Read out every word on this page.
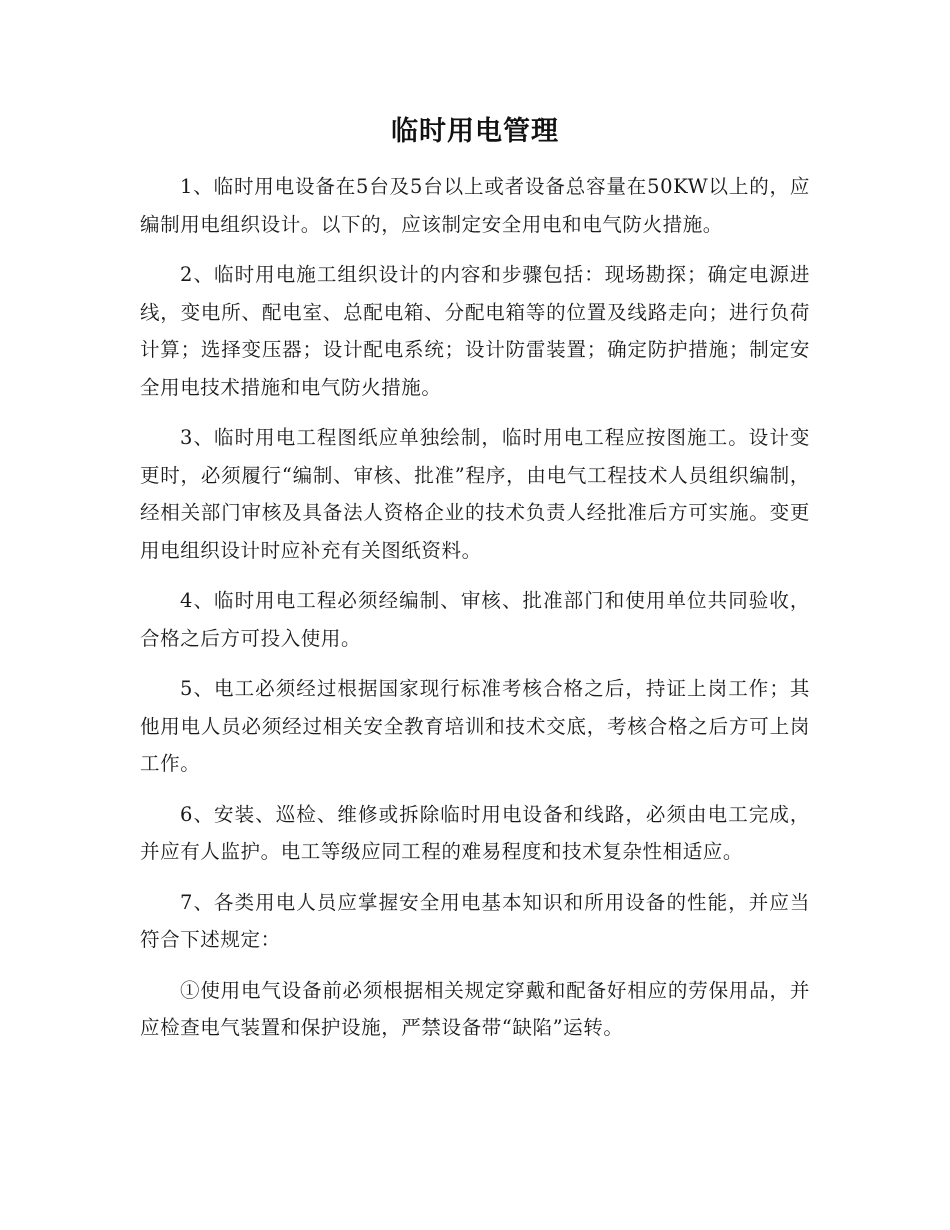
临时用电管理

1、临时用电设备在5台及5台以上或者设备总容量在50KW以上的，应编制用电组织设计。以下的，应该制定安全用电和电气防火措施。

2、临时用电施工组织设计的内容和步骤包括：现场勘探；确定电源进线，变电所、配电室、总配电箱、分配电箱等的位置及线路走向；进行负荷计算；选择变压器；设计配电系统；设计防雷装置；确定防护措施；制定安全用电技术措施和电气防火措施。

3、临时用电工程图纸应单独绘制，临时用电工程应按图施工。设计变更时，必须履行“编制、审核、批准”程序，由电气工程技术人员组织编制，经相关部门审核及具备法人资格企业的技术负责人经批准后方可实施。变更用电组织设计时应补充有关图纸资料。

4、临时用电工程必须经编制、审核、批准部门和使用单位共同验收，合格之后方可投入使用。

5、电工必须经过根据国家现行标准考核合格之后，持证上岗工作；其他用电人员必须经过相关安全教育培训和技术交底，考核合格之后方可上岗工作。

6、安装、巡检、维修或拆除临时用电设备和线路，必须由电工完成，并应有人监护。电工等级应同工程的难易程度和技术复杂性相适应。

7、各类用电人员应掌握安全用电基本知识和所用设备的性能，并应当符合下述规定：

①使用电气设备前必须根据相关规定穿戴和配备好相应的劳保用品，并应检查电气装置和保护设施，严禁设备带“缺陷”运转。
